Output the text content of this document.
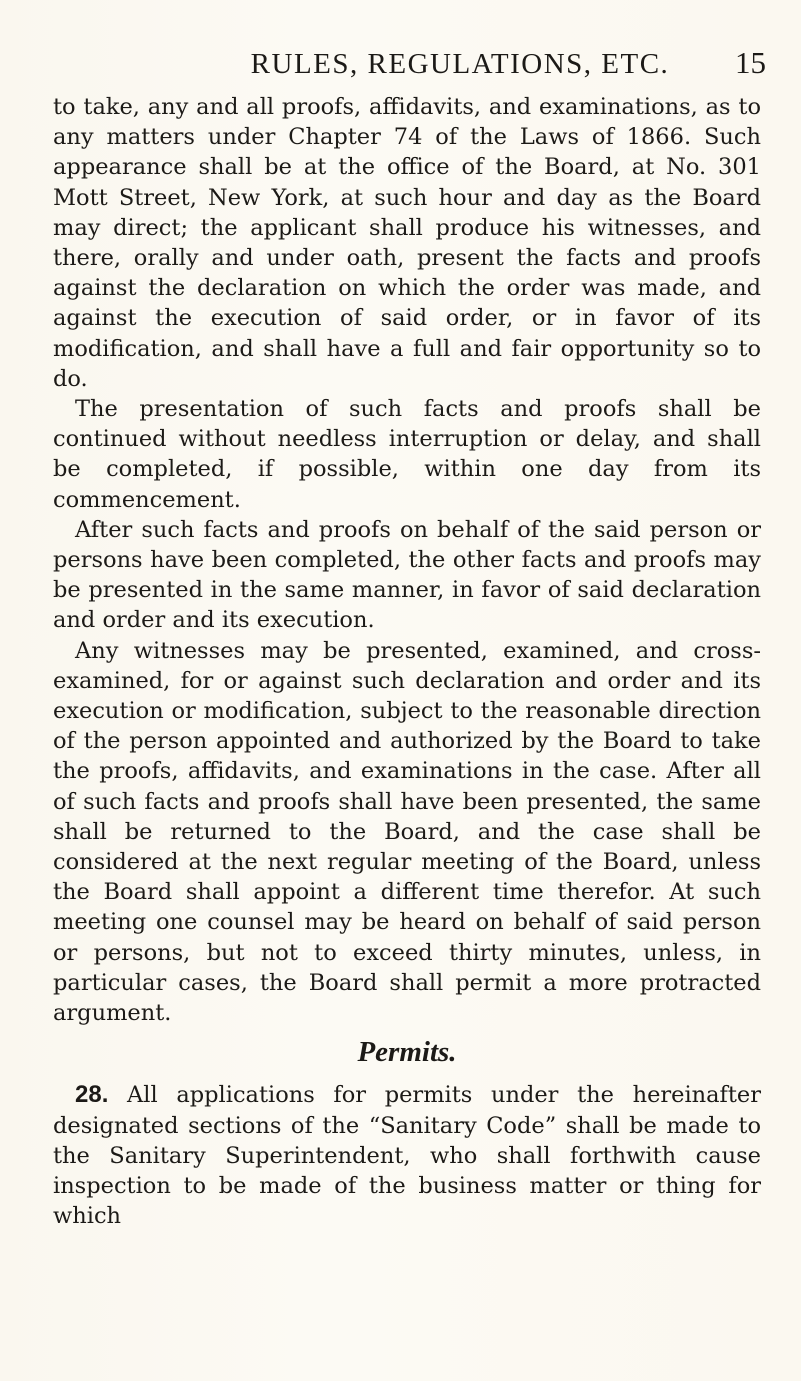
RULES, REGULATIONS, ETC.	15

to take, any and all proofs, affidavits, and examinations, as to any matters under Chapter 74 of the Laws of 1866. Such appearance shall be at the office of the Board, at No. 301 Mott Street, New York, at such hour and day as the Board may direct; the applicant shall produce his witnesses, and there, orally and under oath, present the facts and proofs against the declaration on which the order was made, and against the execution of said order, or in favor of its modification, and shall have a full and fair opportunity so to do.

The presentation of such facts and proofs shall be continued without needless interruption or delay, and shall be completed, if possible, within one day from its commencement.

After such facts and proofs on behalf of the said person or persons have been completed, the other facts and proofs may be presented in the same manner, in favor of said declaration and order and its execution.

Any witnesses may be presented, examined, and cross-examined, for or against such declaration and order and its execution or modification, subject to the reasonable direction of the person appointed and authorized by the Board to take the proofs, affidavits, and examinations in the case. After all of such facts and proofs shall have been presented, the same shall be returned to the Board, and the case shall be considered at the next regular meeting of the Board, unless the Board shall appoint a different time therefor. At such meeting one counsel may be heard on behalf of said person or persons, but not to exceed thirty minutes, unless, in particular cases, the Board shall permit a more protracted argument.

Permits.

28. All applications for permits under the hereinafter designated sections of the “Sanitary Code” shall be made to the Sanitary Superintendent, who shall forthwith cause inspection to be made of the business matter or thing for which
